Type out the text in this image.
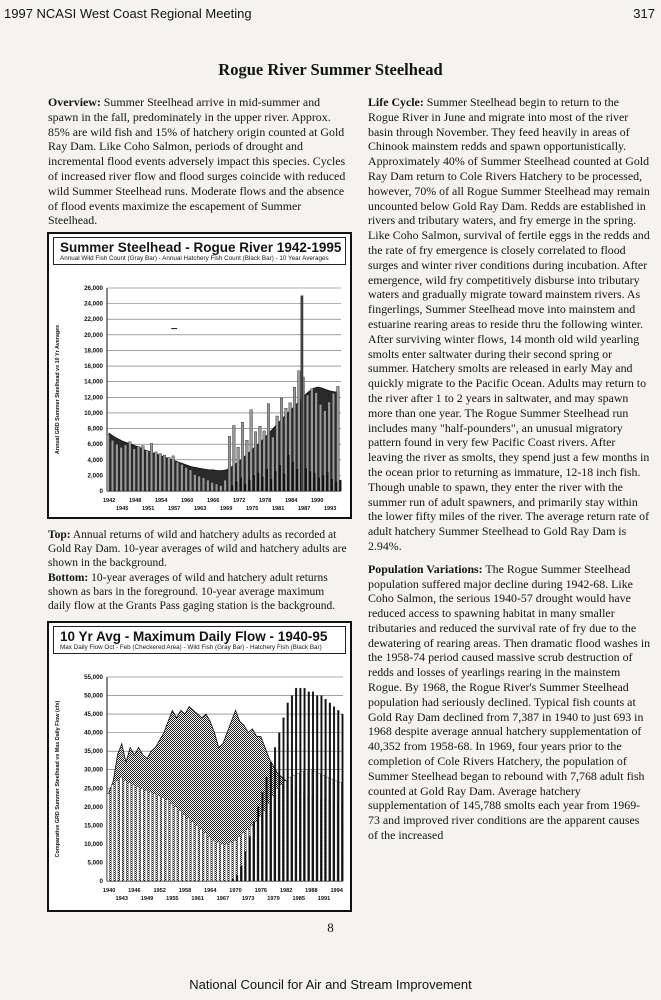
1997 NCASI West Coast Regional Meeting	317
Rogue River Summer Steelhead

Overview: Summer Steelhead arrive in mid-summer and spawn in the fall, predominately in the upper river. Approx. 85% are wild fish and 15% of hatchery origin counted at Gold Ray Dam. Like Coho Salmon, periods of drought and incremental flood events adversely impact this species. Cycles of increased river flow and flood surges coincide with reduced wild Summer Steelhead runs. Moderate flows and the absence of flood events maximize the escapement of Summer Steelhead.

Summer Steelhead - Rogue River 1942-1995
Annual Wild Fish Count (Gray Bar) - Annual Hatchery Fish Count (Black Bar) - 10 Year Averages
26,000
24,000
22,000
20,000
18,000
16,000
14,000
12,000
10,000
8,000
6,000
4,000
2,000
0
Annual GRD Summer Steelhead vs 10 Yr Averages
1942 1948 1954 1960 1966 1972 1978 1984 1990
1945 1951 1957 1963 1969 1975 1981 1987 1993

Top: Annual returns of wild and hatchery adults as recorded at Gold Ray Dam. 10-year averages of wild and hatchery adults are shown in the background.

Bottom: 10-year averages of wild and hatchery adult returns shown as bars in the foreground. 10-year average maximum daily flow at the Grants Pass gaging station is the background.

10 Yr Avg - Maximum Daily Flow - 1940-95
Max Daily Flow Oct - Feb (Checkered Area) - Wild Fish (Gray Bar) - Hatchery Fish (Black Bar)
55,000
50,000
45,000
40,000
35,000
30,000
25,000
20,000
15,000
10,000
5,000
0
Comparative GRD Summer Steelhead vs Max Daily Flow (cfs)
1940 1946 1952 1958 1964 1970 1976 1982 1988 1994
1943 1949 1955 1961 1967 1973 1979 1985 1991

Life Cycle: Summer Steelhead begin to return to the Rogue River in June and migrate into most of the river basin through November. They feed heavily in areas of Chinook mainstem redds and spawn opportunistically. Approximately 40% of Summer Steelhead counted at Gold Ray Dam return to Cole Rivers Hatchery to be processed, however, 70% of all Rogue Summer Steelhead may remain uncounted below Gold Ray Dam. Redds are established in rivers and tributary waters, and fry emerge in the spring. Like Coho Salmon, survival of fertile eggs in the redds and the rate of fry emergence is closely correlated to flood surges and winter river conditions during incubation. After emergence, wild fry competitively disburse into tributary waters and gradually migrate toward mainstem rivers. As fingerlings, Summer Steelhead move into mainstem and estuarine rearing areas to reside thru the following winter. After surviving winter flows, 14 month old wild yearling smolts enter saltwater during their second spring or summer. Hatchery smolts are released in early May and quickly migrate to the Pacific Ocean. Adults may return to the river after 1 to 2 years in saltwater, and may spawn more than one year. The Rogue Summer Steelhead run includes many "half-pounders", an unusual migratory pattern found in very few Pacific Coast rivers. After leaving the river as smolts, they spend just a few months in the ocean prior to returning as immature, 12-18 inch fish. Though unable to spawn, they enter the river with the summer run of adult spawners, and primarily stay within the lower fifty miles of the river. The average return rate of adult hatchery Summer Steelhead to Gold Ray Dam is 2.94%.

Population Variations: The Rogue Summer Steelhead population suffered major decline during 1942-68. Like Coho Salmon, the serious 1940-57 drought would have reduced access to spawning habitat in many smaller tributaries and reduced the survival rate of fry due to the dewatering of rearing areas. Then dramatic flood washes in the 1958-74 period caused massive scrub destruction of redds and losses of yearlings rearing in the mainstem Rogue. By 1968, the Rogue River's Summer Steelhead population had seriously declined. Typical fish counts at Gold Ray Dam declined from 7,387 in 1940 to just 693 in 1968 despite average annual hatchery supplementation of 40,352 from 1958-68. In 1969, four years prior to the completion of Cole Rivers Hatchery, the population of Summer Steelhead began to rebound with 7,768 adult fish counted at Gold Ray Dam. Average hatchery supplementation of 145,788 smolts each year from 1969-73 and improved river conditions are the apparent causes of the increased

8
National Council for Air and Stream Improvement
